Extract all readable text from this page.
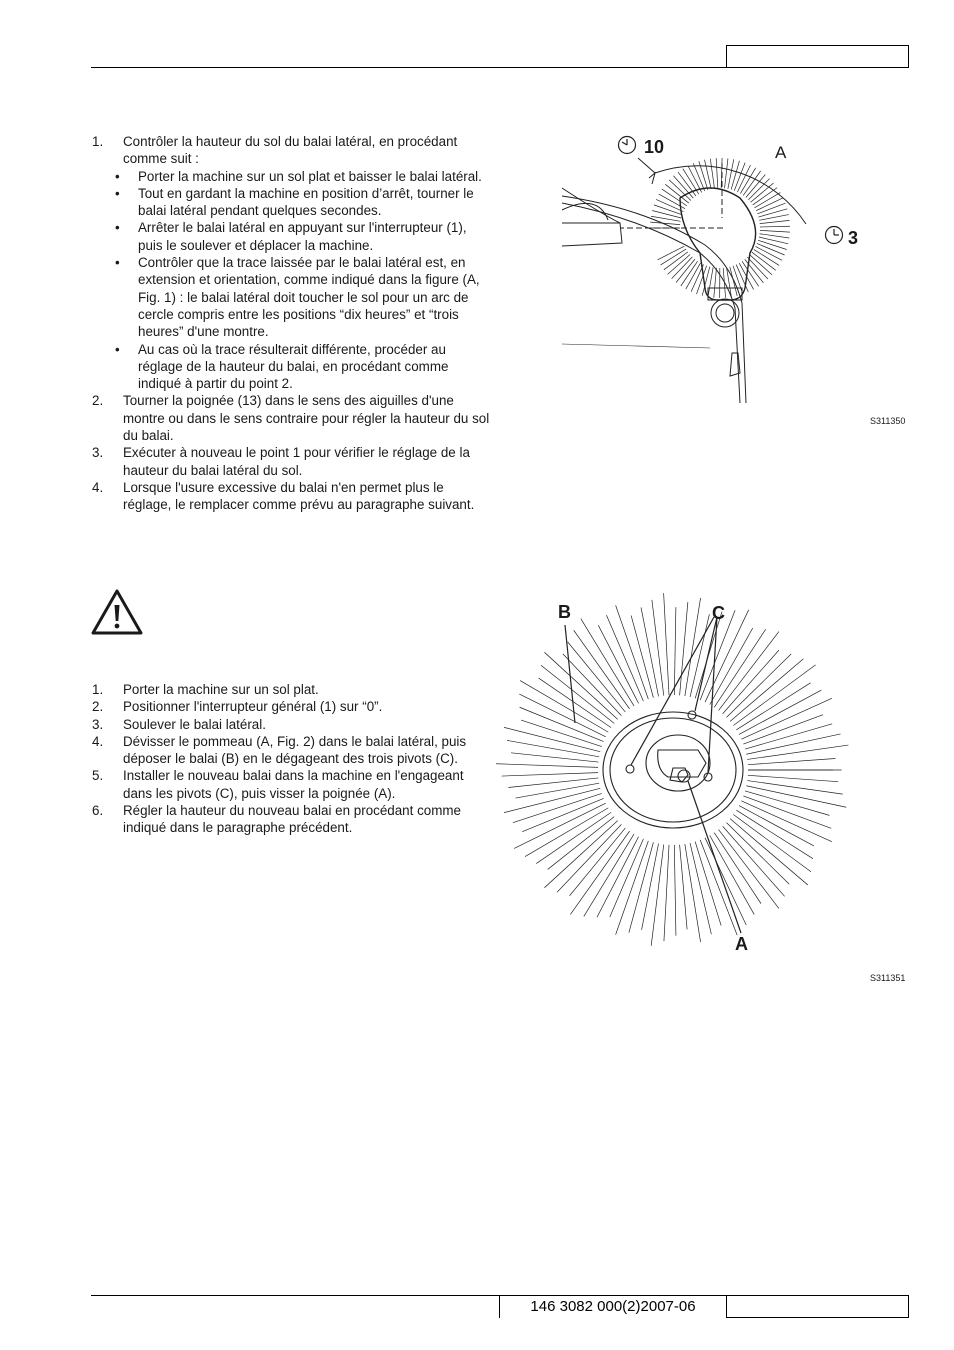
1. Contrôler la hauteur du sol du balai latéral, en procédant comme suit :
• Porter la machine sur un sol plat et baisser le balai latéral.
• Tout en gardant la machine en position d’arrêt, tourner le balai latéral pendant quelques secondes.
• Arrêter le balai latéral en appuyant sur l'interrupteur (1), puis le soulever et déplacer la machine.
• Contrôler que la trace laissée par le balai latéral est, en extension et orientation, comme indiqué dans la figure (A, Fig. 1) : le balai latéral doit toucher le sol pour un arc de cercle compris entre les positions “dix heures” et “trois heures” d'une montre.
• Au cas où la trace résulterait différente, procéder au réglage de la hauteur du balai, en procédant comme indiqué à partir du point 2.
2. Tourner la poignée (13) dans le sens des aiguilles d'une montre ou dans le sens contraire pour régler la hauteur du sol du balai.
3. Exécuter à nouveau le point 1 pour vérifier le réglage de la hauteur du balai latéral du sol.
4. Lorsque l'usure excessive du balai n'en permet plus le réglage, le remplacer comme prévu au paragraphe suivant.
1. Porter la machine sur un sol plat.
2. Positionner l'interrupteur général (1) sur “0”.
3. Soulever le balai latéral.
4. Dévisser le pommeau (A, Fig. 2) dans le balai latéral, puis déposer le balai (B) en le dégageant des trois pivots (C).
5. Installer le nouveau balai dans la machine en l'engageant dans les pivots (C), puis visser la poignée (A).
6. Régler la hauteur du nouveau balai en procédant comme indiqué dans le paragraphe précédent.
10	A
3
S311350
B	C
A
S311351
146 3082 000(2)2007-06
